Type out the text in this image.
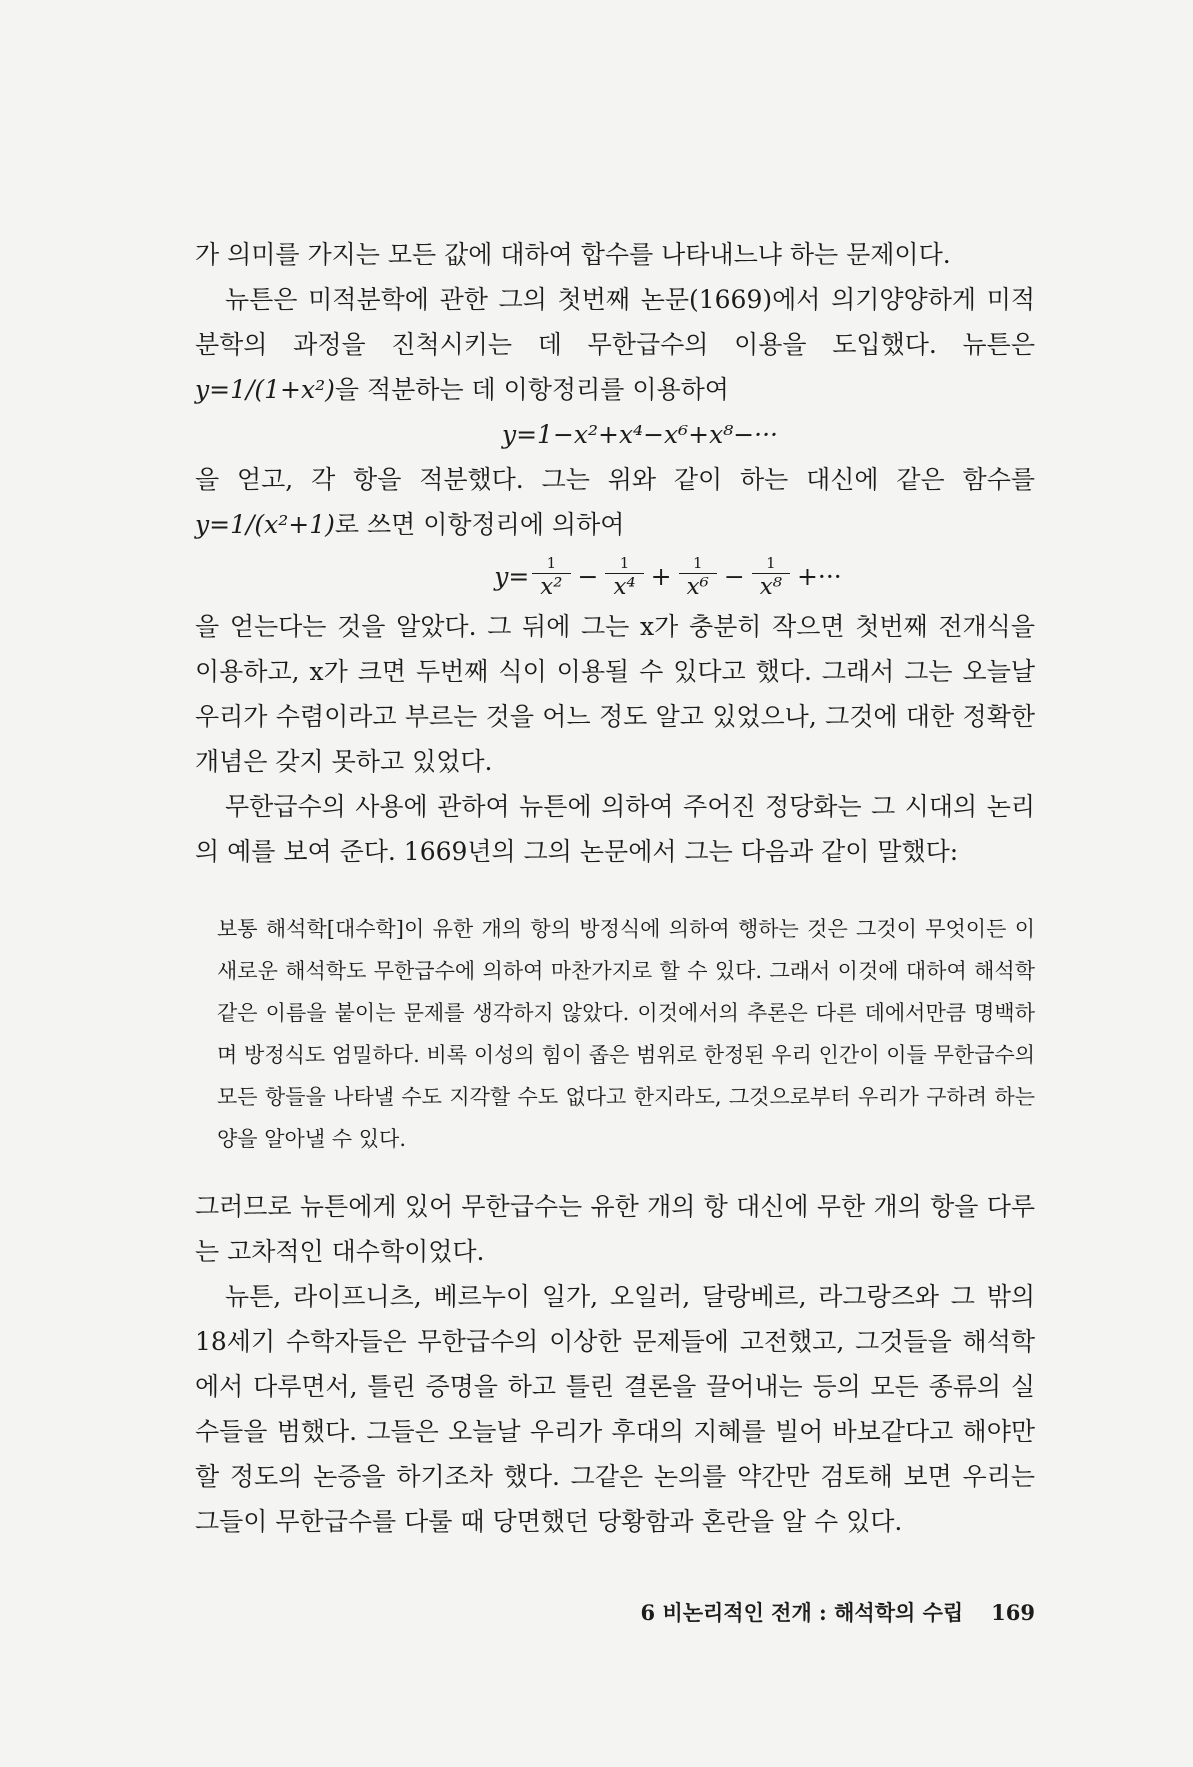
가 의미를 가지는 모든 값에 대하여 합수를 나타내느냐 하는 문제이다.

뉴튼은 미적분학에 관한 그의 첫번째 논문(1669)에서 의기양양하게 미적분학의 과정을 진척시키는 데 무한급수의 이용을 도입했다. 뉴튼은 y=1/(1+x²)을 적분하는 데 이항정리를 이용하여

y=1−x²+x⁴−x⁶+x⁸−···

을 얻고, 각 항을 적분했다. 그는 위와 같이 하는 대신에 같은 함수를 y=1/(x²+1)로 쓰면 이항정리에 의하여

$y= \frac{1}{\text{x²}} - \frac{1}{\text{x⁴}} + \frac{1}{\text{x⁶}} - \frac{1}{\text{x⁸}}$ +···

을 얻는다는 것을 알았다. 그 뒤에 그는 x가 충분히 작으면 첫번째 전개식을 이용하고, x가 크면 두번째 식이 이용될 수 있다고 했다. 그래서 그는 오늘날 우리가 수렴이라고 부르는 것을 어느 정도 알고 있었으나, 그것에 대한 정확한 개념은 갖지 못하고 있었다.

무한급수의 사용에 관하여 뉴튼에 의하여 주어진 정당화는 그 시대의 논리의 예를 보여 준다. 1669년의 그의 논문에서 그는 다음과 같이 말했다:

보통 해석학[대수학]이 유한 개의 항의 방정식에 의하여 행하는 것은 그것이 무엇이든 이 새로운 해석학도 무한급수에 의하여 마찬가지로 할 수 있다. 그래서 이것에 대하여 해석학 같은 이름을 붙이는 문제를 생각하지 않았다. 이것에서의 추론은 다른 데에서만큼 명백하며 방정식도 엄밀하다. 비록 이성의 힘이 좁은 범위로 한정된 우리 인간이 이들 무한급수의 모든 항들을 나타낼 수도 지각할 수도 없다고 한지라도, 그것으로부터 우리가 구하려 하는 양을 알아낼 수 있다.

그러므로 뉴튼에게 있어 무한급수는 유한 개의 항 대신에 무한 개의 항을 다루는 고차적인 대수학이었다.

뉴튼, 라이프니츠, 베르누이 일가, 오일러, 달랑베르, 라그랑즈와 그 밖의 18세기 수학자들은 무한급수의 이상한 문제들에 고전했고, 그것들을 해석학에서 다루면서, 틀린 증명을 하고 틀린 결론을 끌어내는 등의 모든 종류의 실수들을 범했다. 그들은 오늘날 우리가 후대의 지혜를 빌어 바보같다고 해야만 할 정도의 논증을 하기조차 했다. 그같은 논의를 약간만 검토해 보면 우리는 그들이 무한급수를 다룰 때 당면했던 당황함과 혼란을 알 수 있다.

6 비논리적인 전개 : 해석학의 수립 169
